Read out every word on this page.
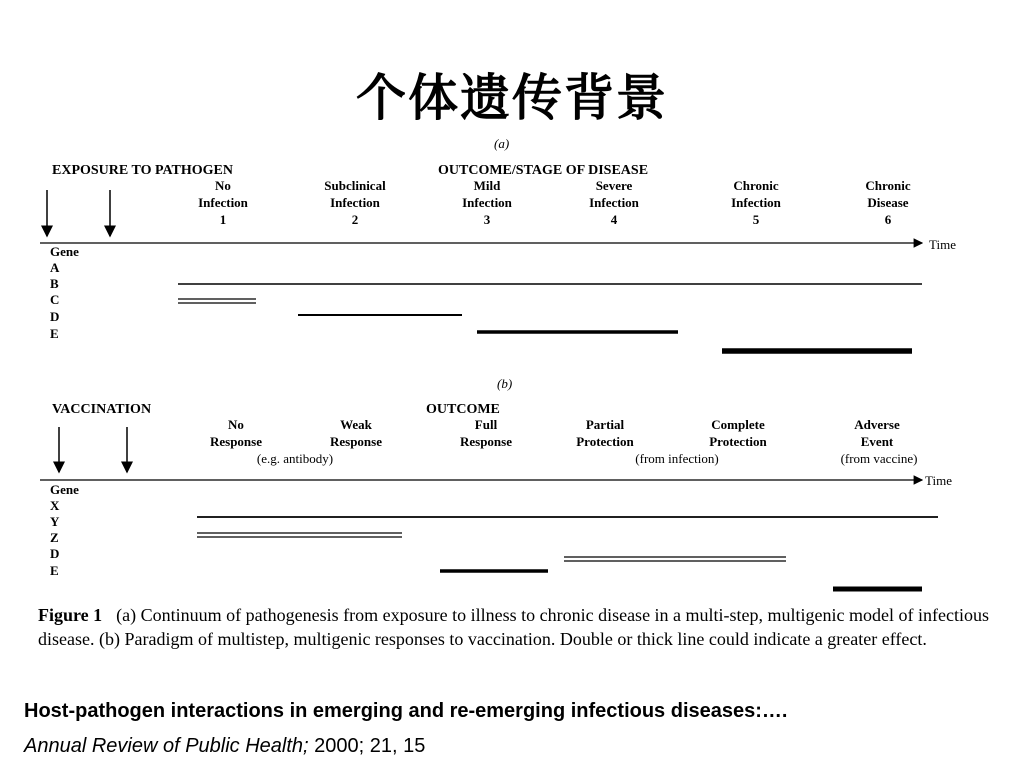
个体遗传背景
(a)
EXPOSURE TO PATHOGEN	OUTCOME/STAGE OF DISEASE
No
Infection
1
Subclinical
Infection
2
Mild
Infection
3
Severe
Infection
4
Chronic
Infection
5
Chronic
Disease
6
Time
Gene
A
B
C
D
E
(b)
VACCINATION	OUTCOME
No
Response
Weak
Response
Full
Response
Partial
Protection
Complete
Protection
Adverse
Event
(e.g. antibody)	(from infection)	(from vaccine)
Time
Gene
X
Y
Z
D
E
Figure 1 (a) Continuum of pathogenesis from exposure to illness to chronic disease in a multi-step, multigenic model of infectious disease. (b) Paradigm of multistep, multigenic responses to vaccination. Double or thick line could indicate a greater effect.
Host-pathogen interactions in emerging and re-emerging infectious diseases:….
Annual Review of Public Health; 2000; 21, 15
